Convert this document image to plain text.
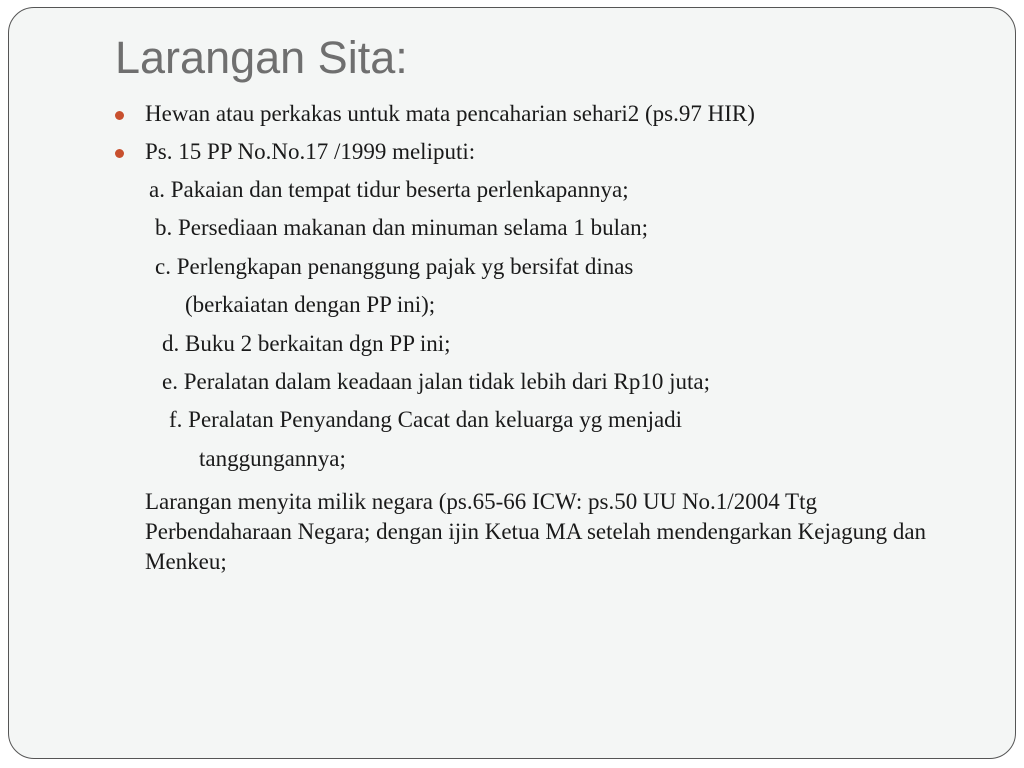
Larangan Sita:
Hewan atau perkakas untuk mata pencaharian sehari2 (ps.97 HIR)
Ps. 15 PP No.No.17 /1999 meliputi:
a. Pakaian dan tempat tidur beserta perlenkapannya;
b. Persediaan makanan dan minuman selama 1 bulan;
c. Perlengkapan penanggung pajak yg bersifat dinas
(berkaiatan dengan PP ini);
d. Buku 2 berkaitan dgn PP ini;
e. Peralatan dalam keadaan jalan tidak lebih dari Rp10 juta;
f. Peralatan Penyandang Cacat dan keluarga yg menjadi
tanggungannya;
Larangan menyita milik negara (ps.65-66 ICW: ps.50 UU No.1/2004 Ttg Perbendaharaan Negara; dengan ijin Ketua MA setelah mendengarkan Kejagung dan Menkeu;
